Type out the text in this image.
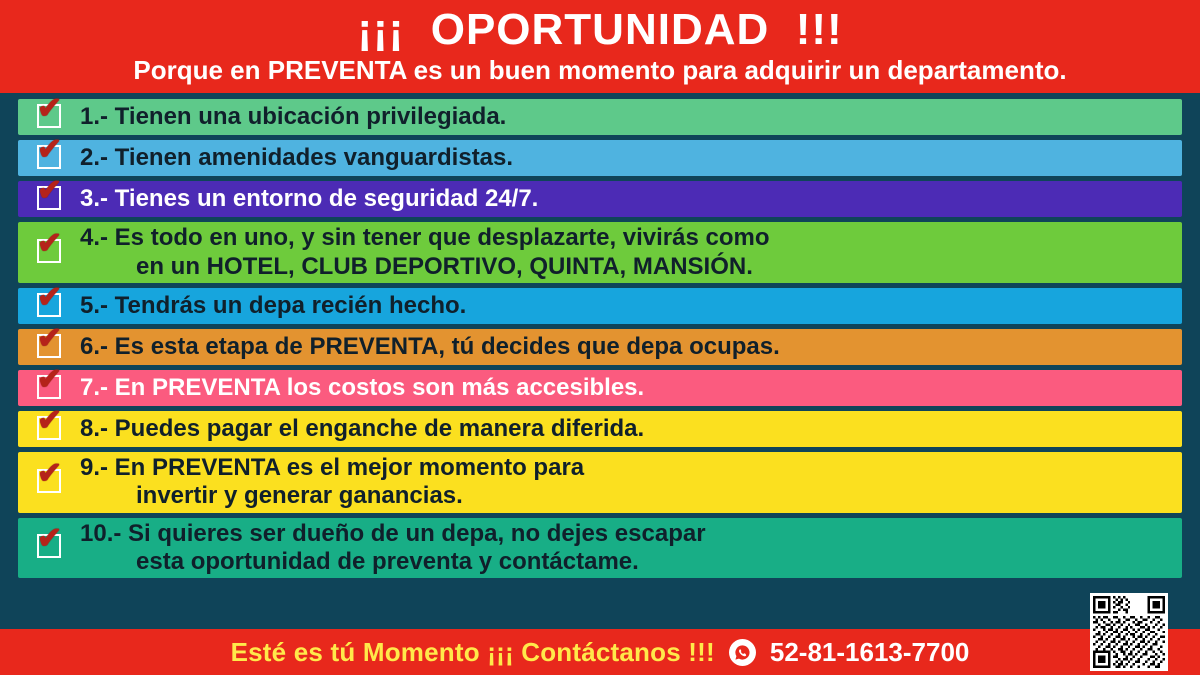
¡¡¡  OPORTUNIDAD  !!!
Porque en PREVENTA es un buen momento para adquirir un departamento.
✔
1.- Tienen una ubicación privilegiada.
✔
2.- Tienen amenidades vanguardistas.
✔
3.- Tienes un entorno de seguridad 24/7.
✔
4.- Es todo en uno, y sin tener que desplazarte, vivirás como
en un HOTEL, CLUB DEPORTIVO, QUINTA, MANSIÓN.
✔
5.- Tendrás un depa recién hecho.
✔
6.- Es esta etapa de PREVENTA, tú decides que depa ocupas.
✔
7.- En PREVENTA los costos son más accesibles.
✔
8.- Puedes pagar el enganche de manera diferida.
✔
9.- En PREVENTA es el mejor momento para
invertir y generar ganancias.
✔
10.- Si quieres ser dueño de un depa, no dejes escapar
esta oportunidad de preventa y contáctame.
Esté es tú Momento ¡¡¡ Contáctanos !!! 52-81-1613-7700
